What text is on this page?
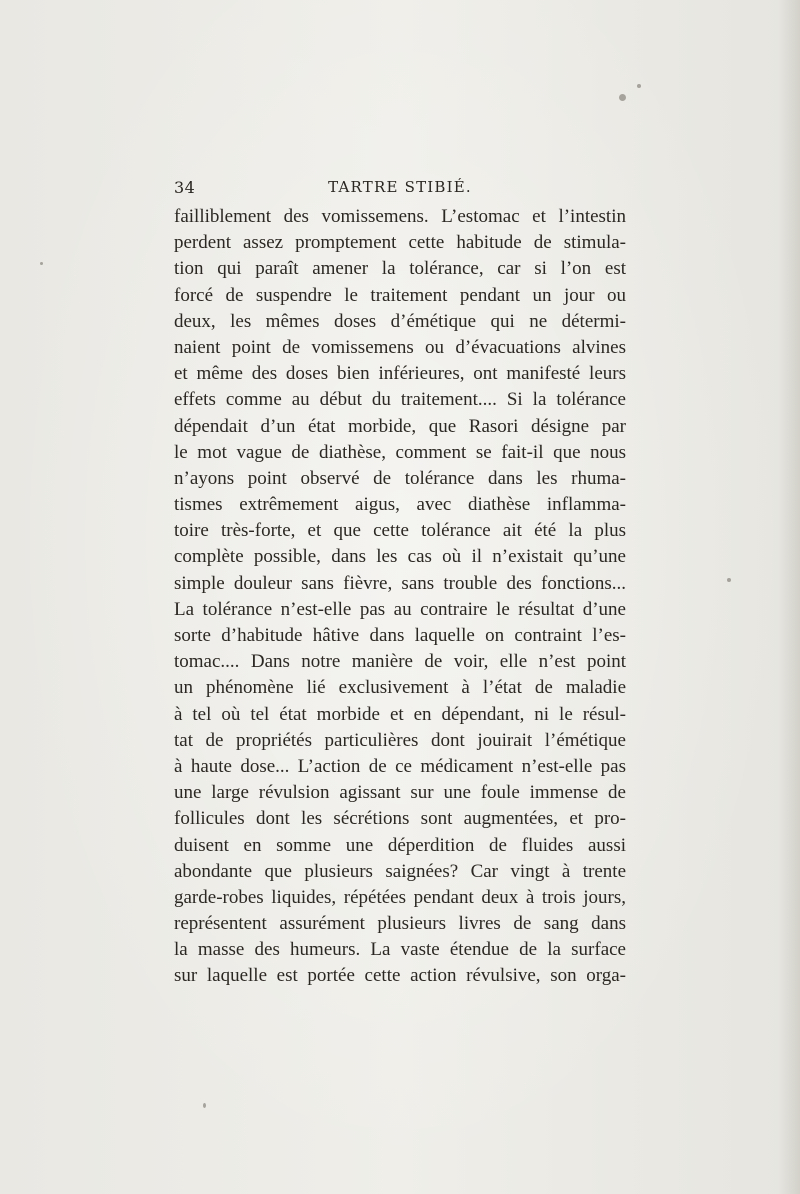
34	TARTRE STIBIÉ.
failliblement des vomissemens. L’estomac et l’intestin
perdent assez promptement cette habitude de stimula-
tion qui paraît amener la tolérance, car si l’on est
forcé de suspendre le traitement pendant un jour ou
deux, les mêmes doses d’émétique qui ne détermi-
naient point de vomissemens ou d’évacuations alvines
et même des doses bien inférieures, ont manifesté leurs
effets comme au début du traitement.... Si la tolérance
dépendait d’un état morbide, que Rasori désigne par
le mot vague de diathèse, comment se fait-il que nous
n’ayons point observé de tolérance dans les rhuma-
tismes extrêmement aigus, avec diathèse inflamma-
toire très-forte, et que cette tolérance ait été la plus
complète possible, dans les cas où il n’existait qu’une
simple douleur sans fièvre, sans trouble des fonctions...
La tolérance n’est-elle pas au contraire le résultat d’une
sorte d’habitude hâtive dans laquelle on contraint l’es-
tomac.... Dans notre manière de voir, elle n’est point
un phénomène lié exclusivement à l’état de maladie
à tel où tel état morbide et en dépendant, ni le résul-
tat de propriétés particulières dont jouirait l’émétique
à haute dose... L’action de ce médicament n’est-elle pas
une large révulsion agissant sur une foule immense de
follicules dont les sécrétions sont augmentées, et pro-
duisent en somme une déperdition de fluides aussi
abondante que plusieurs saignées? Car vingt à trente
garde-robes liquides, répétées pendant deux à trois jours,
représentent assurément plusieurs livres de sang dans
la masse des humeurs. La vaste étendue de la surface
sur laquelle est portée cette action révulsive, son orga-
